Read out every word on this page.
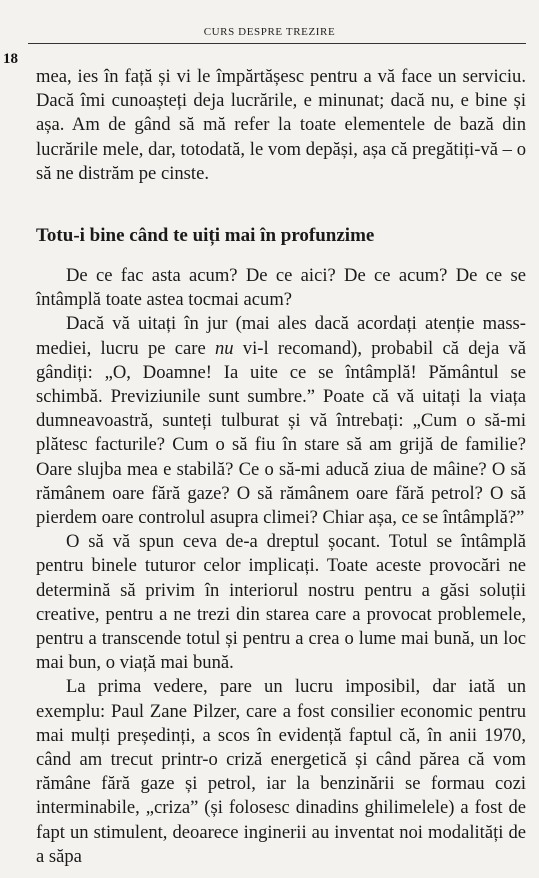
CURS DESPRE TREZIRE
18

mea, ies în față și vi le împărtășesc pentru a vă face un serviciu. Dacă îmi cunoașteți deja lucrările, e minunat; dacă nu, e bine și așa. Am de gând să mă refer la toate elementele de bază din lucrările mele, dar, totodată, le vom depăși, așa că pregătiți-vă – o să ne distrăm pe cinste.

Totu-i bine când te uiți mai în profunzime

De ce fac asta acum? De ce aici? De ce acum? De ce se întâmplă toate astea tocmai acum?

Dacă vă uitați în jur (mai ales dacă acordați atenție mass-mediei, lucru pe care nu vi-l recomand), probabil că deja vă gândiți: „O, Doamne! Ia uite ce se întâmplă! Pământul se schimbă. Previziunile sunt sumbre.” Poate că vă uitați la viața dumneavoastră, sunteți tulburat și vă întrebați: „Cum o să-mi plătesc facturile? Cum o să fiu în stare să am grijă de familie? Oare slujba mea e stabilă? Ce o să-mi aducă ziua de mâine? O să rămânem oare fără gaze? O să rămânem oare fără petrol? O să pierdem oare controlul asupra climei? Chiar așa, ce se întâmplă?”

O să vă spun ceva de-a dreptul șocant. Totul se întâmplă pentru binele tuturor celor implicați. Toate aceste provocări ne determină să privim în interiorul nostru pentru a găsi soluții creative, pentru a ne trezi din starea care a provocat problemele, pentru a transcende totul și pentru a crea o lume mai bună, un loc mai bun, o viață mai bună.

La prima vedere, pare un lucru imposibil, dar iată un exemplu: Paul Zane Pilzer, care a fost consilier economic pentru mai mulți președinți, a scos în evidență faptul că, în anii 1970, când am trecut printr-o criză energetică și când părea că vom rămâne fără gaze și petrol, iar la benzinării se formau cozi interminabile, „criza” (și folosesc dinadins ghilimelele) a fost de fapt un stimulent, deoarece inginerii au inventat noi modalități de a săpa
